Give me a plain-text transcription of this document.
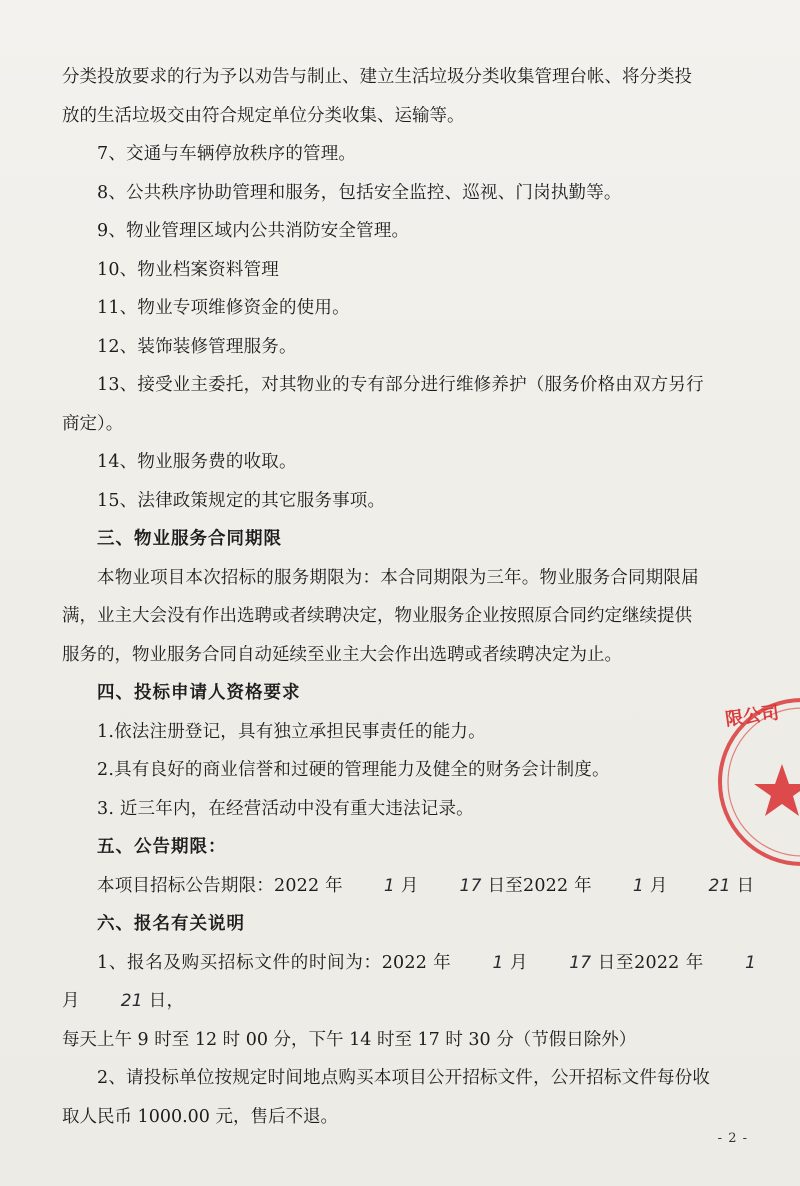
分类投放要求的行为予以劝告与制止、建立生活垃圾分类收集管理台帐、将分类投

放的生活垃圾交由符合规定单位分类收集、运输等。

7、交通与车辆停放秩序的管理。

8、公共秩序协助管理和服务，包括安全监控、巡视、门岗执勤等。

9、物业管理区域内公共消防安全管理。

10、物业档案资料管理

11、物业专项维修资金的使用。

12、装饰装修管理服务。

13、接受业主委托，对其物业的专有部分进行维修养护（服务价格由双方另行

商定）。

14、物业服务费的收取。

15、法律政策规定的其它服务事项。

三、物业服务合同期限

本物业项目本次招标的服务期限为：本合同期限为三年。物业服务合同期限届

满，业主大会没有作出选聘或者续聘决定，物业服务企业按照原合同约定继续提供

服务的，物业服务合同自动延续至业主大会作出选聘或者续聘决定为止。

四、投标申请人资格要求

1.依法注册登记，具有独立承担民事责任的能力。

2.具有良好的商业信誉和过硬的管理能力及健全的财务会计制度。

3. 近三年内，在经营活动中没有重大违法记录。

五、公告期限：

本项目招标公告期限：2022 年 1 月 17 日至2022 年 1 月 21 日

六、报名有关说明

1、报名及购买招标文件的时间为：2022 年 1 月 17 日至2022 年 1月 21 日，

每天上午 9 时至 12 时 00 分，下午 14 时至 17 时 30 分（节假日除外）

2、请投标单位按规定时间地点购买本项目公开招标文件，公开招标文件每份收

取人民币 1000.00 元，售后不退。

限公司
- 2 -
